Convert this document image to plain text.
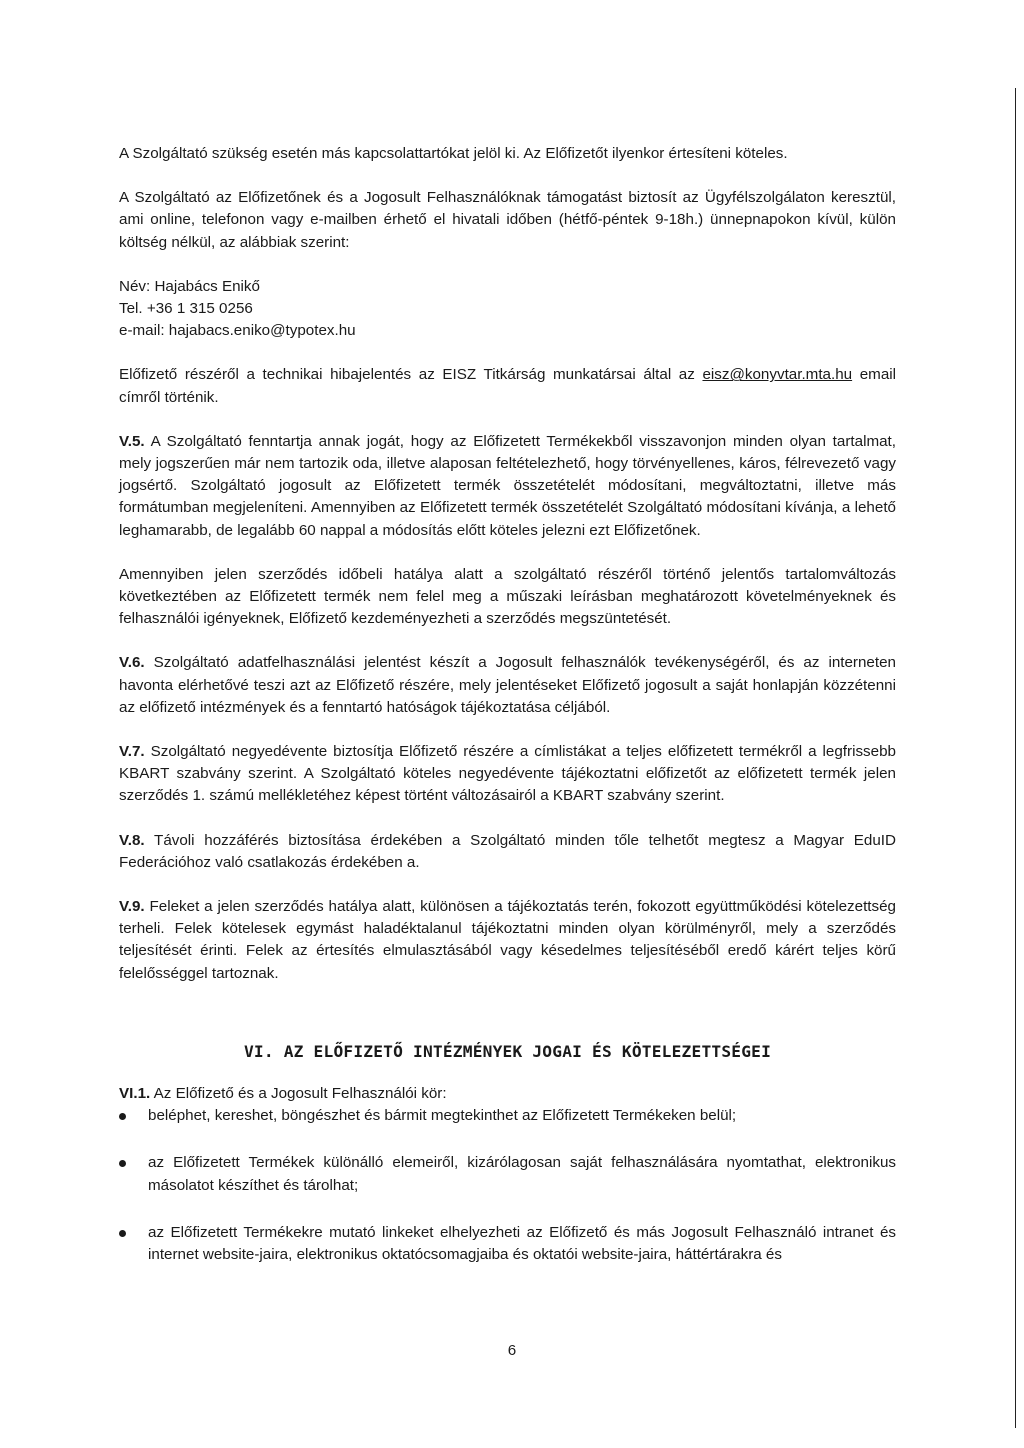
A Szolgáltató szükség esetén más kapcsolattartókat jelöl ki. Az Előfizetőt ilyenkor értesíteni köteles.

A Szolgáltató az Előfizetőnek és a Jogosult Felhasználóknak támogatást biztosít az Ügyfélszolgálaton keresztül, ami online, telefonon vagy e-mailben érhető el hivatali időben (hétfő-péntek 9-18h.) ünnepnapokon kívül, külön költség nélkül, az alábbiak szerint:

Név: Hajabács Enikő

Tel. +36 1 315 0256

e-mail: hajabacs.eniko@typotex.hu

Előfizető részéről a technikai hibajelentés az EISZ Titkárság munkatársai által az eisz@konyvtar.mta.hu email címről történik.

V.5. A Szolgáltató fenntartja annak jogát, hogy az Előfizetett Termékekből visszavonjon minden olyan tartalmat, mely jogszerűen már nem tartozik oda, illetve alaposan feltételezhető, hogy törvényellenes, káros, félrevezető vagy jogsértő. Szolgáltató jogosult az Előfizetett termék összetételét módosítani, megváltoztatni, illetve más formátumban megjeleníteni. Amennyiben az Előfizetett termék összetételét Szolgáltató módosítani kívánja, a lehető leghamarabb, de legalább 60 nappal a módosítás előtt köteles jelezni ezt Előfizetőnek.

Amennyiben jelen szerződés időbeli hatálya alatt a szolgáltató részéről történő jelentős tartalomváltozás következtében az Előfizetett termék nem felel meg a műszaki leírásban meghatározott követelményeknek és felhasználói igényeknek, Előfizető kezdeményezheti a szerződés megszüntetését.

V.6. Szolgáltató adatfelhasználási jelentést készít a Jogosult felhasználók tevékenységéről, és az interneten havonta elérhetővé teszi azt az Előfizető részére, mely jelentéseket Előfizető jogosult a saját honlapján közzétenni az előfizető intézmények és a fenntartó hatóságok tájékoztatása céljából.

V.7. Szolgáltató negyedévente biztosítja Előfizető részére a címlistákat a teljes előfizetett termékről a legfrissebb KBART szabvány szerint. A Szolgáltató köteles negyedévente tájékoztatni előfizetőt az előfizetett termék jelen szerződés 1. számú mellékletéhez képest történt változásairól a KBART szabvány szerint.

V.8. Távoli hozzáférés biztosítása érdekében a Szolgáltató minden tőle telhetőt megtesz a Magyar EduID Federációhoz való csatlakozás érdekében a.

V.9. Feleket a jelen szerződés hatálya alatt, különösen a tájékoztatás terén, fokozott együttműködési kötelezettség terheli. Felek kötelesek egymást haladéktalanul tájékoztatni minden olyan körülményről, mely a szerződés teljesítését érinti. Felek az értesítés elmulasztásából vagy késedelmes teljesítéséből eredő kárért teljes körű felelősséggel tartoznak.

VI. AZ ELŐFIZETŐ INTÉZMÉNYEK JOGAI ÉS KÖTELEZETTSÉGEI

VI.1. Az Előfizető és a Jogosult Felhasználói kör:

beléphet, kereshet, böngészhet és bármit megtekinthet az Előfizetett Termékeken belül;
az Előfizetett Termékek különálló elemeiről, kizárólagosan saját felhasználására nyomtathat, elektronikus másolatot készíthet és tárolhat;
az Előfizetett Termékekre mutató linkeket elhelyezheti az Előfizető és más Jogosult Felhasználó intranet és internet website-jaira, elektronikus oktatócsomagjaiba és oktatói website-jaira, háttértárakra és
6
